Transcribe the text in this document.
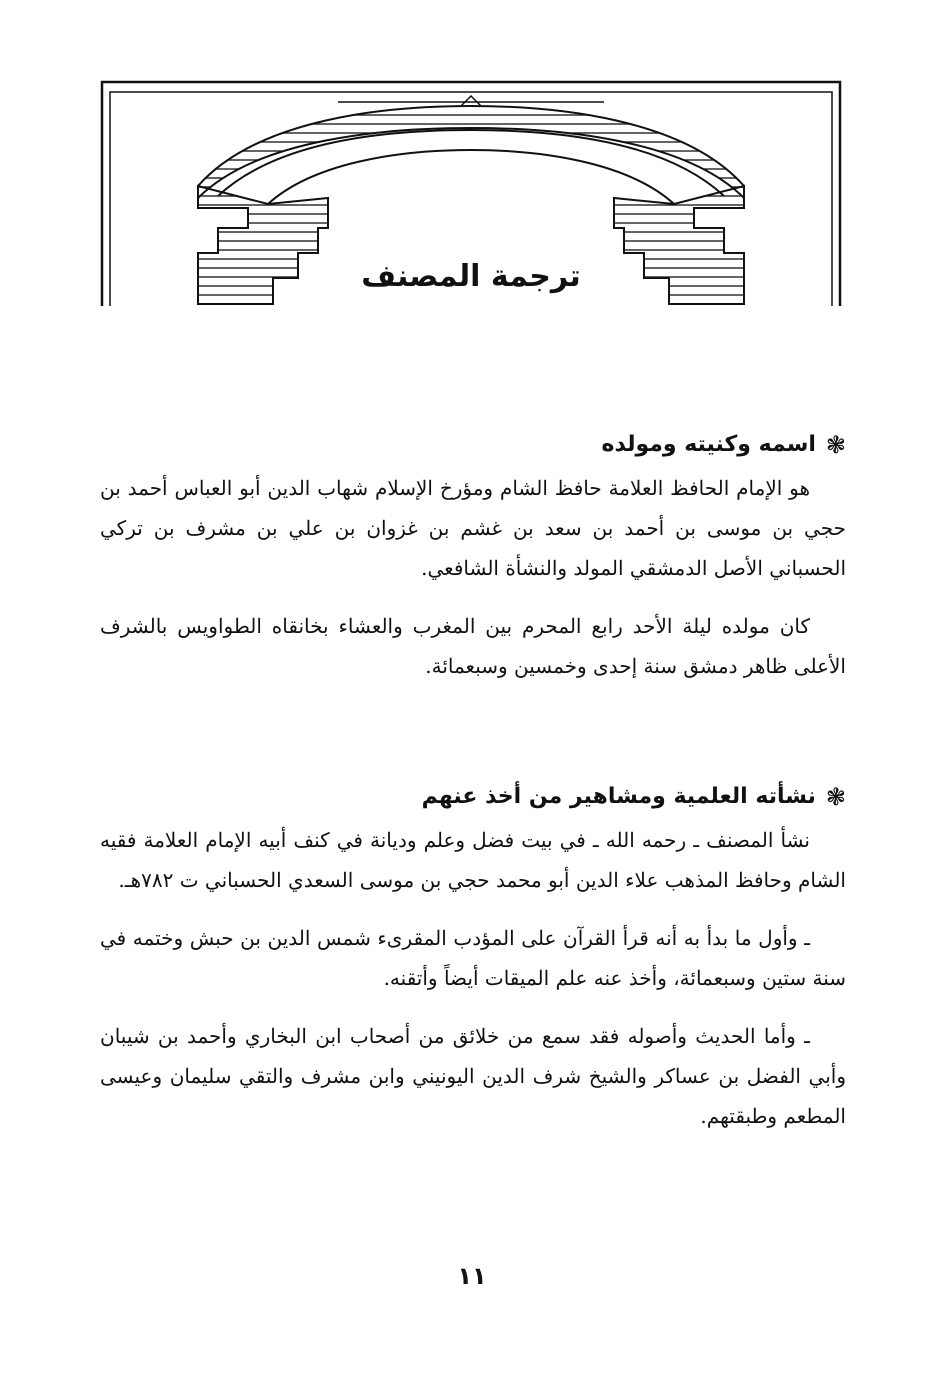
ترجمة المصنف
❃
اسمه وكنيته ومولده

هو الإمام الحافظ العلامة حافظ الشام ومؤرخ الإسلام شهاب الدين أبو العباس أحمد بن حجي بن موسى بن أحمد بن سعد بن غشم بن غزوان بن علي بن مشرف بن تركي الحسباني الأصل الدمشقي المولد والنشأة الشافعي.

كان مولده ليلة الأحد رابع المحرم بين المغرب والعشاء بخانقاه الطواويس بالشرف الأعلى ظاهر دمشق سنة إحدى وخمسين وسبعمائة.

❃
نشأته العلمية ومشاهير من أخذ عنهم

نشأ المصنف ـ رحمه الله ـ في بيت فضل وعلم وديانة في كنف أبيه الإمام العلامة فقيه الشام وحافظ المذهب علاء الدين أبو محمد حجي بن موسى السعدي الحسباني ت ٧٨٢هـ.

ـ وأول ما بدأ به أنه قرأ القرآن على المؤدب المقرىء شمس الدين بن حبش وختمه في سنة ستين وسبعمائة، وأخذ عنه علم الميقات أيضاً وأتقنه.

ـ وأما الحديث وأصوله فقد سمع من خلائق من أصحاب ابن البخاري وأحمد بن شيبان وأبي الفضل بن عساكر والشيخ شرف الدين اليونيني وابن مشرف والتقي سليمان وعيسى المطعم وطبقتهم.

١١
